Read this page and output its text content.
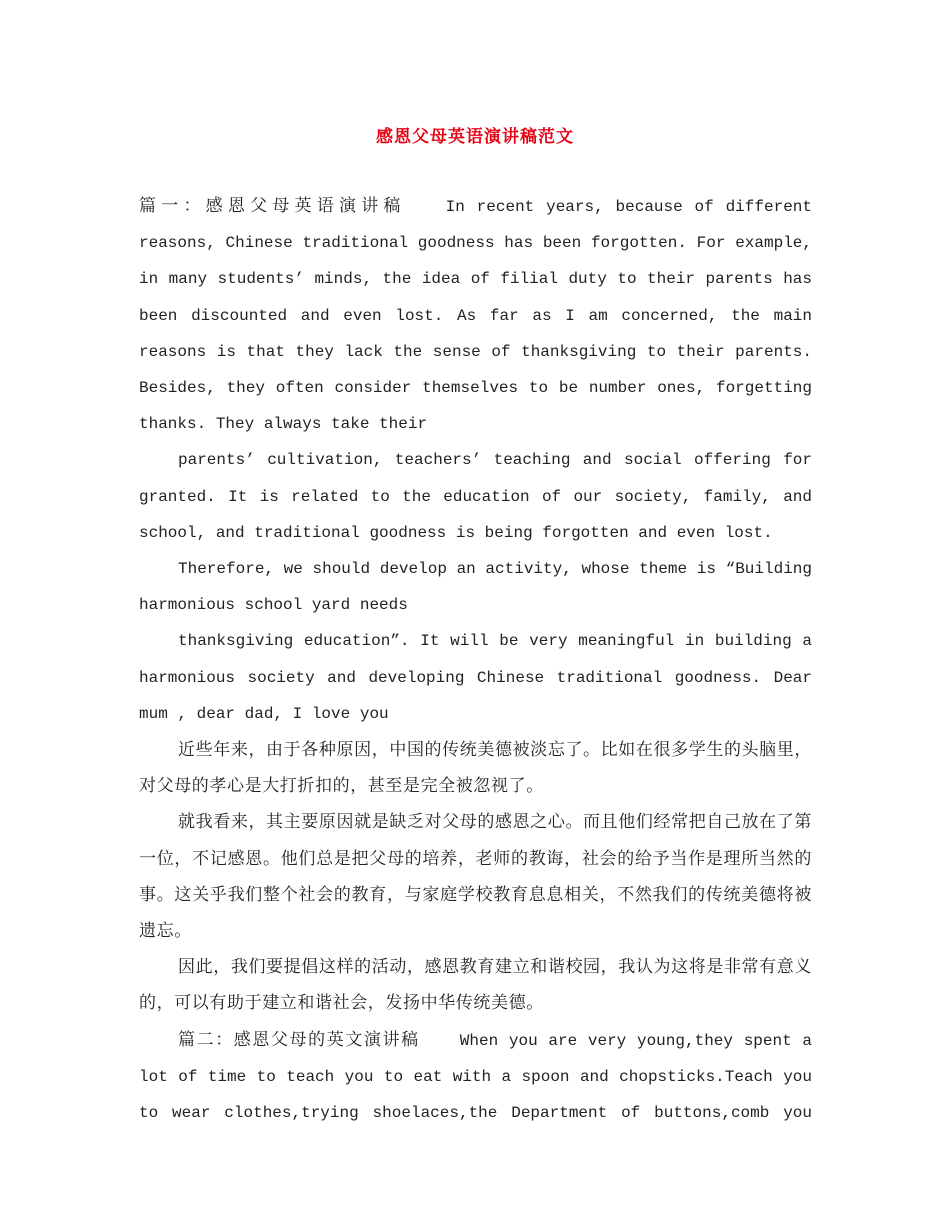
感恩父母英语演讲稿范文
篇一：感恩父母英语演讲稿	In recent years, because of different reasons, Chinese traditional goodness has been forgotten. For example, in many students’ minds, the idea of filial duty to their parents has been discounted and even lost. As far as I am concerned, the main reasons is that they lack the sense of thanksgiving to their parents. Besides, they often consider themselves to be number ones, forgetting thanks. They always take their
parents’ cultivation, teachers’ teaching and social offering for granted. It is related to the education of our society, family, and school, and traditional goodness is being forgotten and even lost.
Therefore, we should develop an activity, whose theme is “Building harmonious school yard needs
thanksgiving education”. It will be very meaningful in building a harmonious society and developing Chinese traditional goodness. Dear mum , dear dad, I love you
近些年来，由于各种原因，中国的传统美德被淡忘了。比如在很多学生的头脑里，对父母的孝心是大打折扣的，甚至是完全被忽视了。
就我看来，其主要原因就是缺乏对父母的感恩之心。而且他们经常把自己放在了第一位，不记感恩。他们总是把父母的培养，老师的教诲，社会的给予当作是理所当然的事。这关乎我们整个社会的教育，与家庭学校教育息息相关，不然我们的传统美德将被遗忘。
因此，我们要提倡这样的活动，感恩教育建立和谐校园，我认为这将是非常有意义的，可以有助于建立和谐社会，发扬中华传统美德。
篇二：感恩父母的英文演讲稿	When you are very young,they spent a lot of time to teach you to eat with a spoon and chopsticks.Teach you to wear clothes,trying shoelaces,the Department of buttons,comb you
